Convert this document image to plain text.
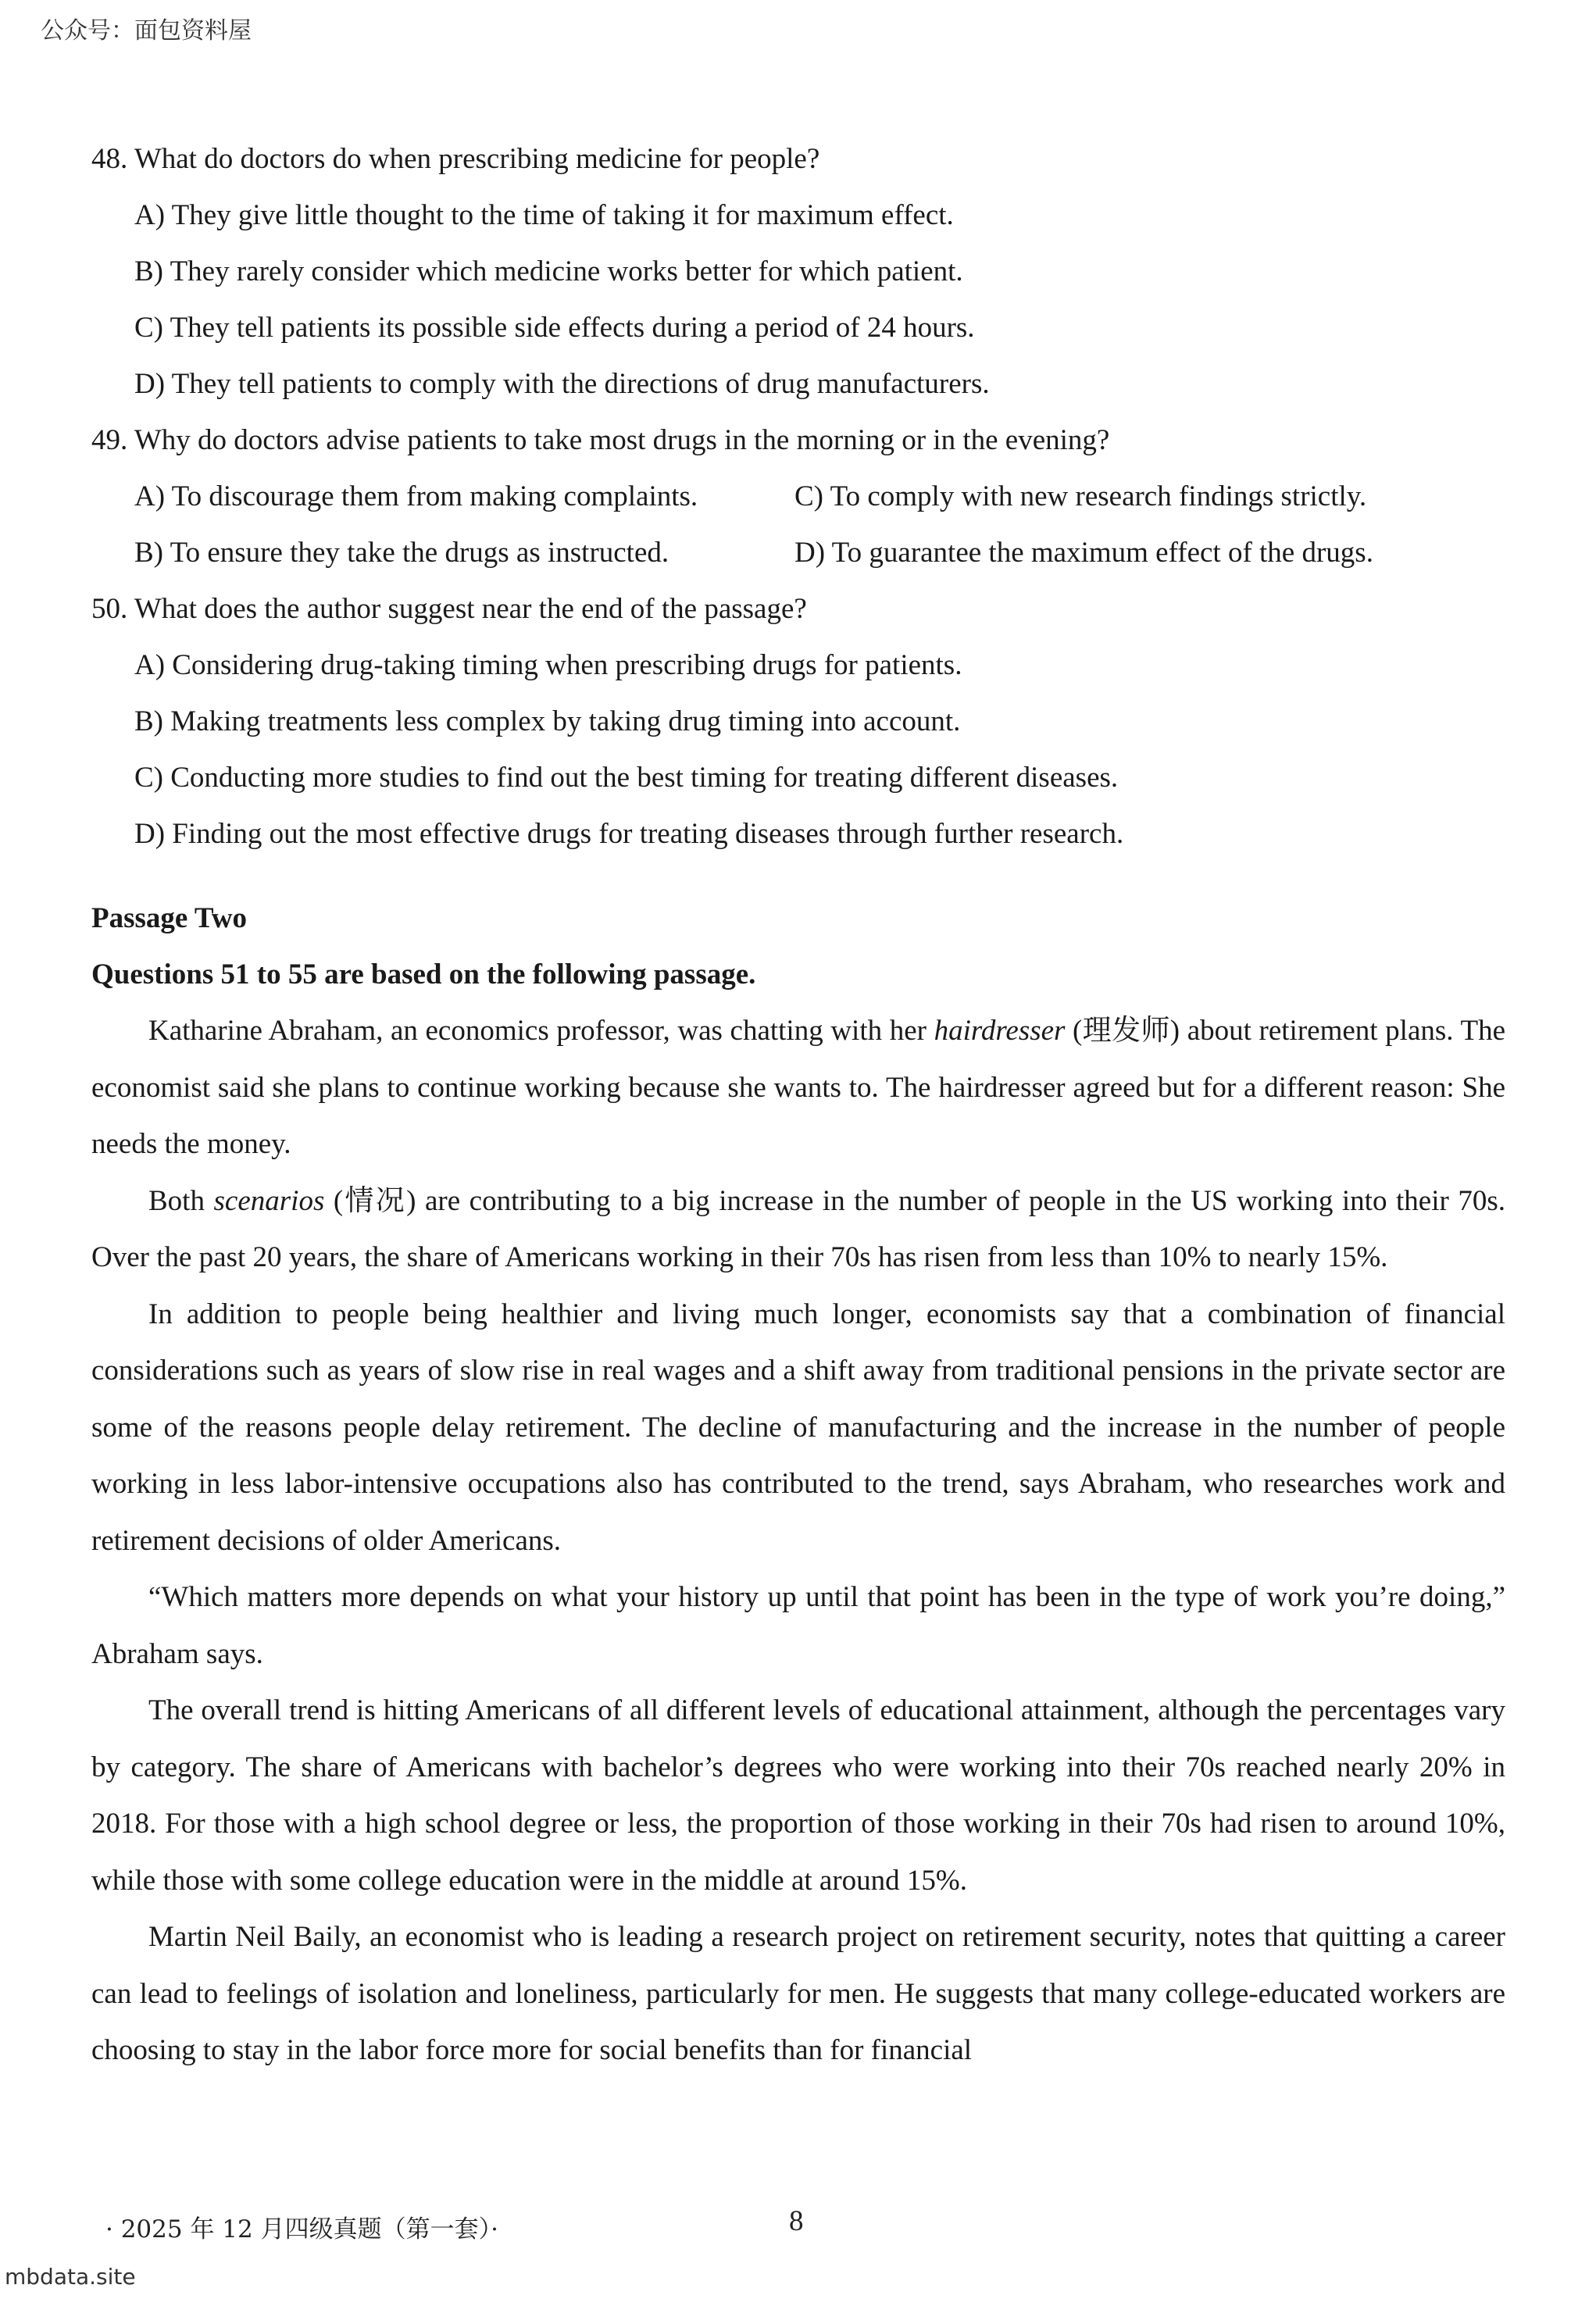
公众号：面包资料屋
48. What do doctors do when prescribing medicine for people?
A) They give little thought to the time of taking it for maximum effect.
B) They rarely consider which medicine works better for which patient.
C) They tell patients its possible side effects during a period of 24 hours.
D) They tell patients to comply with the directions of drug manufacturers.
49. Why do doctors advise patients to take most drugs in the morning or in the evening?
A) To discourage them from making complaints.	C) To comply with new research findings strictly.
B) To ensure they take the drugs as instructed.	D) To guarantee the maximum effect of the drugs.
50. What does the author suggest near the end of the passage?
A) Considering drug-taking timing when prescribing drugs for patients.
B) Making treatments less complex by taking drug timing into account.
C) Conducting more studies to find out the best timing for treating different diseases.
D) Finding out the most effective drugs for treating diseases through further research.
Passage Two
Questions 51 to 55 are based on the following passage.

Katharine Abraham, an economics professor, was chatting with her hairdresser (理发师) about retirement plans. The economist said she plans to continue working because she wants to. The hairdresser agreed but for a different reason: She needs the money.

Both scenarios (情况) are contributing to a big increase in the number of people in the US working into their 70s. Over the past 20 years, the share of Americans working in their 70s has risen from less than 10% to nearly 15%.

In addition to people being healthier and living much longer, economists say that a combination of financial considerations such as years of slow rise in real wages and a shift away from traditional pensions in the private sector are some of the reasons people delay retirement. The decline of manufacturing and the increase in the number of people working in less labor-intensive occupations also has contributed to the trend, says Abraham, who researches work and retirement decisions of older Americans.

“Which matters more depends on what your history up until that point has been in the type of work you’re doing,” Abraham says.

The overall trend is hitting Americans of all different levels of educational attainment, although the percentages vary by category. The share of Americans with bachelor’s degrees who were working into their 70s reached nearly 20% in 2018. For those with a high school degree or less, the proportion of those working in their 70s had risen to around 10%, while those with some college education were in the middle at around 15%.

Martin Neil Baily, an economist who is leading a research project on retirement security, notes that quitting a career can lead to feelings of isolation and loneliness, particularly for men. He suggests that many college-educated workers are choosing to stay in the labor force more for social benefits than for financial

· 2025 年 12 月四级真题（第一套）·	8
mbdata.site
